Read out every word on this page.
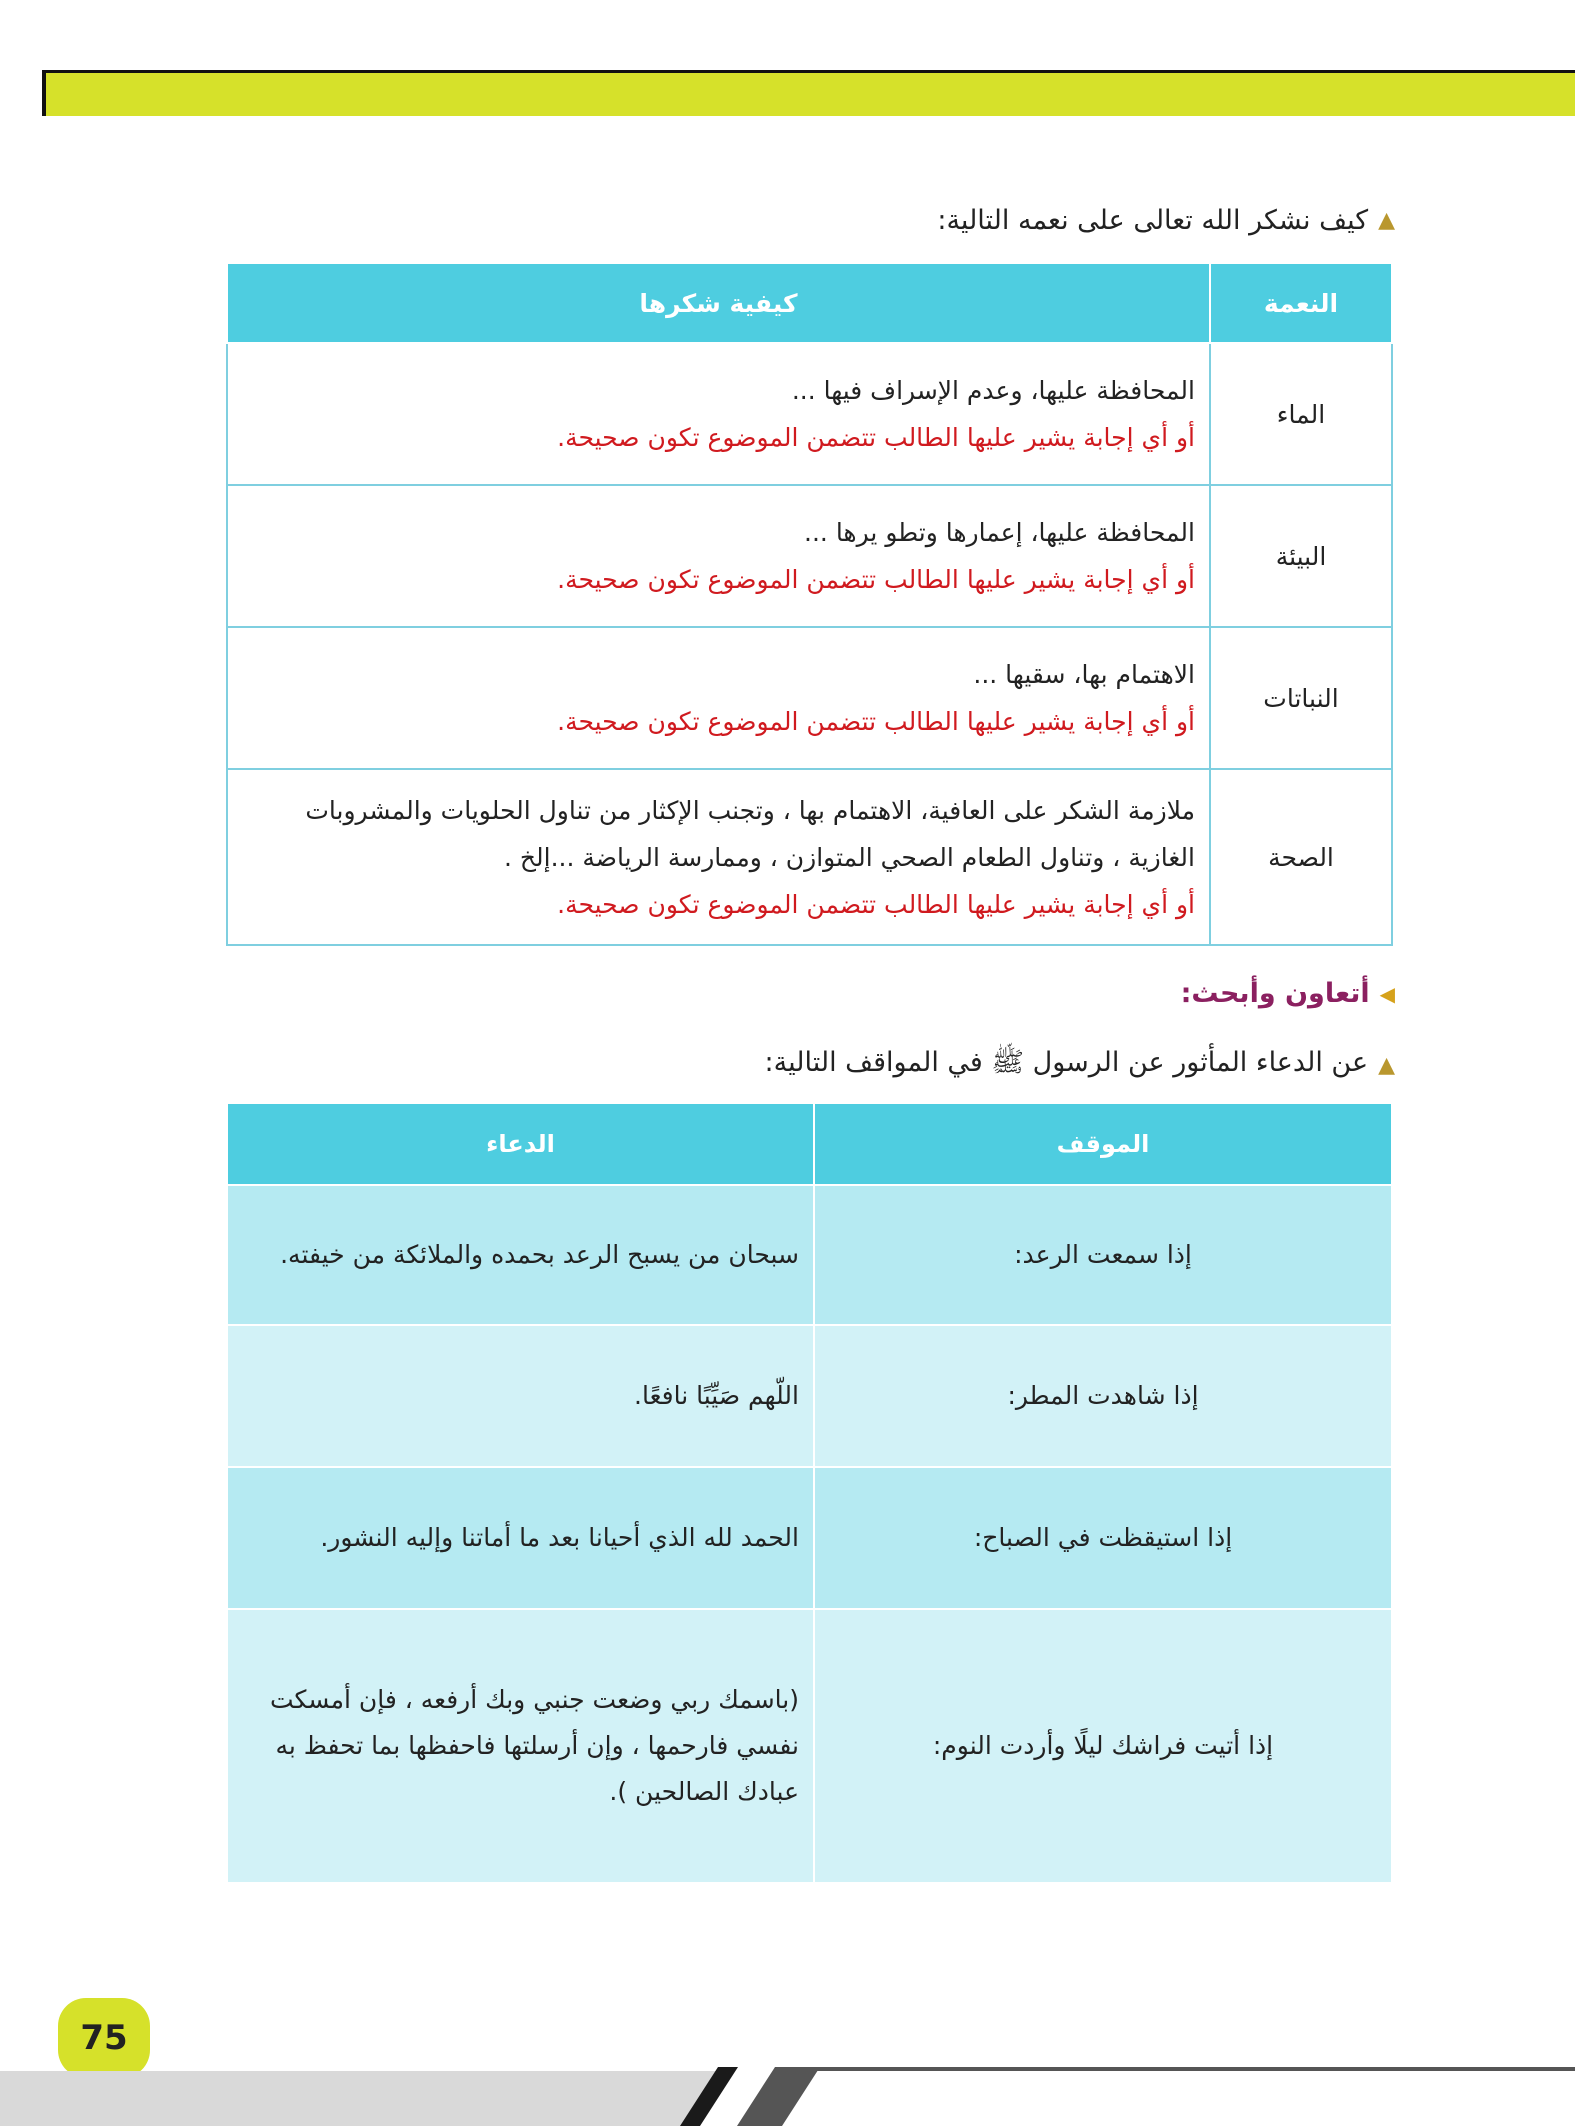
▲
كيف نشكر الله تعالى على نعمه التالية:
النعمة	كيفية شكرها
الماء	المحافظة عليها، وعدم الإسراف فيها ...
أو أي إجابة يشير عليها الطالب تتضمن الموضوع تكون صحيحة.

البيئة	المحافظة عليها، إعمارها وتطو يرها ...
أو أي إجابة يشير عليها الطالب تتضمن الموضوع تكون صحيحة.

النباتات	الاهتمام بها، سقيها ...
أو أي إجابة يشير عليها الطالب تتضمن الموضوع تكون صحيحة.

الصحة	ملازمة الشكر على العافية، الاهتمام بها ، وتجنب الإكثار من تناول الحلويات والمشروبات الغازية ، وتناول الطعام الصحي المتوازن ، وممارسة الرياضة ...إلخ .
أو أي إجابة يشير عليها الطالب تتضمن الموضوع تكون صحيحة.
◀
أتعاون وأبحث:
▲
عن الدعاء المأثور عن الرسول ﷺ في المواقف التالية:
الموقف	الدعاء
إذا سمعت الرعد:	سبحان من يسبح الرعد بحمده والملائكة من خيفته.
إذا شاهدت المطر:	اللّهم صَيِّبًا نافعًا.
إذا استيقظت في الصباح:	الحمد لله الذي أحيانا بعد ما أماتنا وإليه النشور.
إذا أتيت فراشك ليلًا وأردت النوم:	(باسمك ربي وضعت جنبي وبك أرفعه ، فإن أمسكت نفسي فارحمها ، وإن أرسلتها فاحفظها بما تحفظ به عبادك الصالحين ).
75
